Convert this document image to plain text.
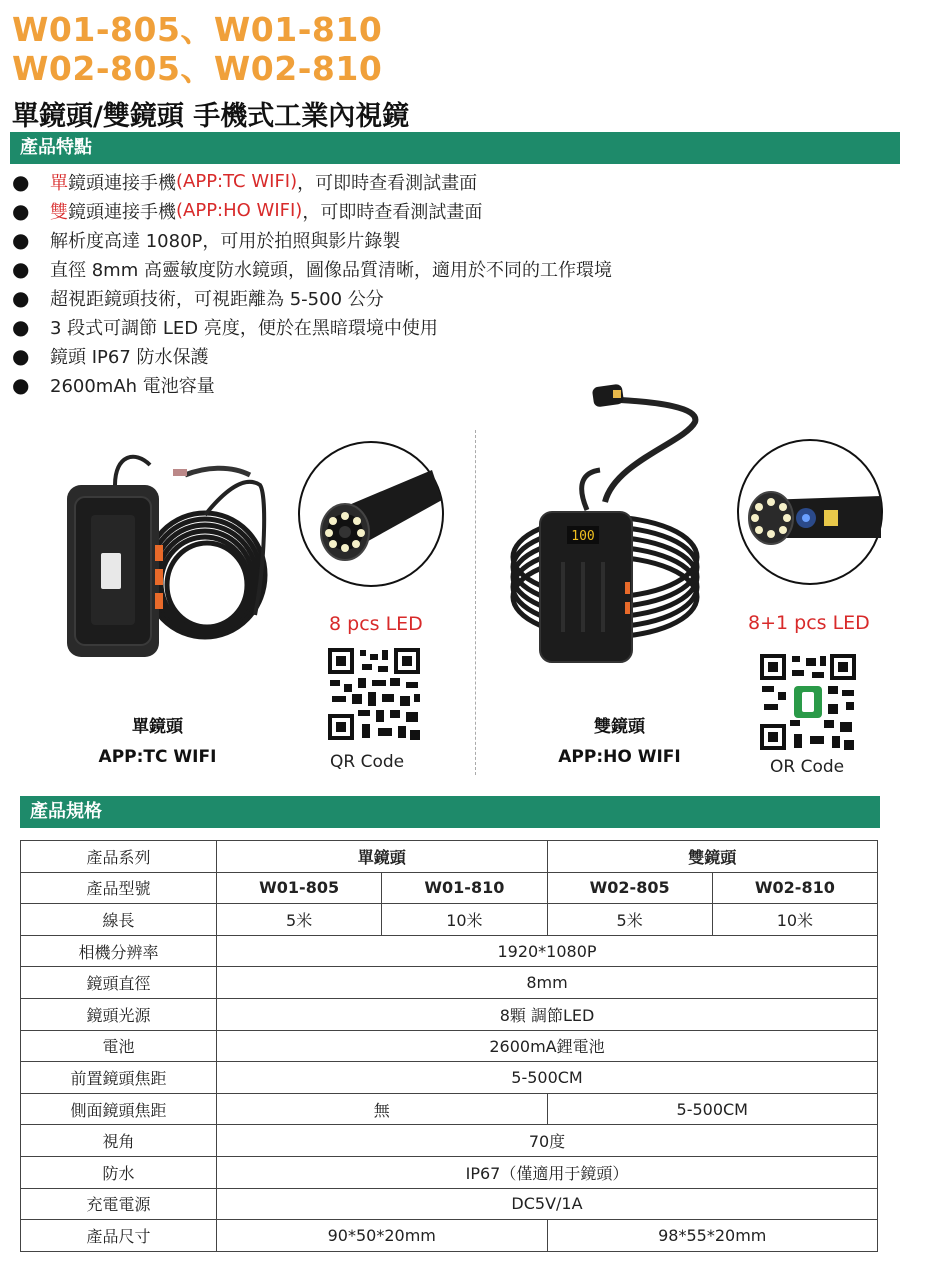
W01-805、W01-810
W02-805、W02-810
單鏡頭/雙鏡頭 手機式工業內視鏡
產品特點
●	單 鏡頭連接手機 (APP:TC WIFI) ，可即時查看測試畫面
●	雙 鏡頭連接手機 (APP:HO WIFI) ，可即時查看測試畫面
●	解析度高達 1080P，可用於拍照與影片錄製
●	直徑 8mm 高靈敏度防水鏡頭，圖像品質清晰，適用於不同的工作環境
●	超視距鏡頭技術，可視距離為 5-500 公分
●	3 段式可調節 LED 亮度，便於在黑暗環境中使用
●	鏡頭 IP67 防水保護
●	2600mAh 電池容量
8 pcs LED
單鏡頭
APP:TC WIFI	QR Code
100
8+1 pcs LED
雙鏡頭
APP:HO WIFI	OR Code
產品規格
產品系列	單鏡頭		雙鏡頭	
產品型號	W01-805	W01-810	W02-805	W02-810
線長	5米	10米	5米	10米
相機分辨率	1920*1080P			
鏡頭直徑	8mm			
鏡頭光源	8顆 調節LED			
電池	2600mA鋰電池			
前置鏡頭焦距	5-500CM			
側面鏡頭焦距	無		5-500CM	
視角	70度			
防水	IP67（僅適用于鏡頭）			
充電電源	DC5V/1A			
產品尺寸	90*50*20mm		98*55*20mm	
